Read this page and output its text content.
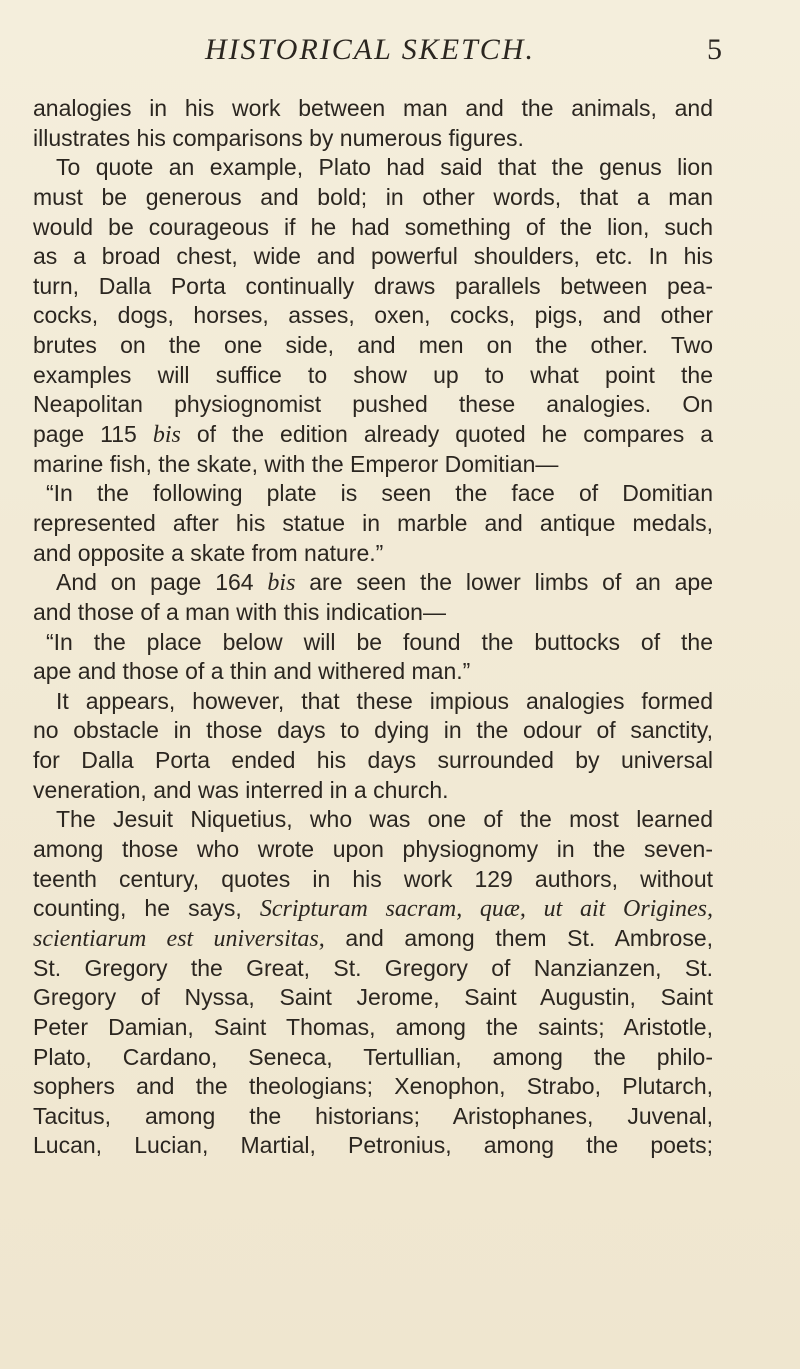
HISTORICAL SKETCH.	5
analogies in his work between man and the animals, and
illustrates his comparisons by numerous figures.
To quote an example, Plato had said that the genus lion
must be generous and bold; in other words, that a man
would be courageous if he had something of the lion, such
as a broad chest, wide and powerful shoulders, etc. In his
turn, Dalla Porta continually draws parallels between pea-
cocks, dogs, horses, asses, oxen, cocks, pigs, and other
brutes on the one side, and men on the other. Two
examples will suffice to show up to what point the
Neapolitan physiognomist pushed these analogies. On
page 115 bis of the edition already quoted he compares a
marine fish, the skate, with the Emperor Domitian—
“In the following plate is seen the face of Domitian
represented after his statue in marble and antique medals,
and opposite a skate from nature.”
And on page 164 bis are seen the lower limbs of an ape
and those of a man with this indication—
“In the place below will be found the buttocks of the
ape and those of a thin and withered man.”
It appears, however, that these impious analogies formed
no obstacle in those days to dying in the odour of sanctity,
for Dalla Porta ended his days surrounded by universal
veneration, and was interred in a church.
The Jesuit Niquetius, who was one of the most learned
among those who wrote upon physiognomy in the seven-
teenth century, quotes in his work 129 authors, without
counting, he says, Scripturam sacram, quæ, ut ait Origines,
scientiarum est universitas, and among them St. Ambrose,
St. Gregory the Great, St. Gregory of Nanzianzen, St.
Gregory of Nyssa, Saint Jerome, Saint Augustin, Saint
Peter Damian, Saint Thomas, among the saints; Aristotle,
Plato, Cardano, Seneca, Tertullian, among the philo-
sophers and the theologians; Xenophon, Strabo, Plutarch,
Tacitus, among the historians; Aristophanes, Juvenal,
Lucan, Lucian, Martial, Petronius, among the poets;
